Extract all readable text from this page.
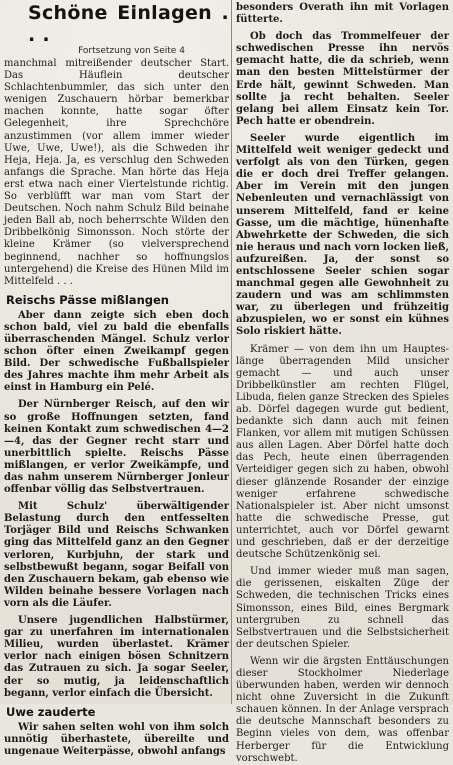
Schöne Einlagen . . .
Fortsetzung von Seite 4
manchmal mitreißender deutscher Start. Das Häuflein deutscher Schlachtenbummler, das sich unter den wenigen Zuschauern hörbar bemerkbar machen konnte, hatte sogar öfter Gelegenheit, ihre Sprechchöre anzustimmen (vor allem immer wieder Uwe, Uwe, Uwe!), als die Schweden ihr Heja, Heja. Ja, es verschlug den Schweden anfangs die Sprache. Man hörte das Heja erst etwa nach einer Viertelstunde richtig. So verblüfft war man vom Start der Deutschen. Noch nahm Schulz Bild beinahe jeden Ball ab, noch beherrschte Wilden den Dribbelkönig Simonsson. Noch störte der kleine Krämer (so vielversprechend beginnend, nachher so hoffnungslos untergehend) die Kreise des Hünen Mild im Mittelfeld . . .
Reischs Pässe mißlangen
Aber dann zeigte sich eben doch schon bald, viel zu bald die ebenfalls überraschenden Mängel. Schulz verlor schon öfter einen Zweikampf gegen Bild. Der schwedische Fußballspieler des Jahres machte ihm mehr Arbeit als einst in Hamburg ein Pelé.
Der Nürnberger Reisch, auf den wir so große Hoffnungen setzten, fand keinen Kontakt zum schwedischen 4—2—4, das der Gegner recht starr und unerbittlich spielte. Reischs Pässe mißlangen, er verlor Zweikämpfe, und das nahm unserem Nürnberger Jonleur offenbar völlig das Selbstvertrauen.
Mit Schulz' überwältigender Belastung durch den entfesselten Torjäger Bild und Reischs Schwanken ging das Mittelfeld ganz an den Gegner verloren, Kurbjuhn, der stark und selbstbewußt begann, sogar Beifall von den Zuschauern bekam, gab ebenso wie Wilden beinahe bessere Vorlagen nach vorn als die Läufer.
Unsere jugendlichen Halbstürmer, gar zu unerfahren im internationalen Milieu, wurden überlastet. Krämer verlor nach einigen bösen Schnitzern das Zutrauen zu sich. Ja sogar Seeler, der so mutig, ja leidenschaftlich begann, verlor einfach die Übersicht.
Uwe zauderte
Wir sahen selten wohl von ihm solch unnötig überhastete, übereilte und ungenaue Weiterpässe, obwohl anfangs
besonders Overath ihn mit Vorlagen fütterte.
Ob doch das Trommelfeuer der schwedischen Presse ihn nervös gemacht hatte, die da schrieb, wenn man den besten Mittelstürmer der Erde hält, gewinnt Schweden. Man sollte ja recht behalten. Seeler gelang bei allem Einsatz kein Tor. Pech hatte er obendrein.
Seeler wurde eigentlich im Mittelfeld weit weniger gedeckt und verfolgt als von den Türken, gegen die er doch drei Treffer gelangen. Aber im Verein mit den jungen Nebenleuten und vernachlässigt von unserem Mittelfeld, fand er keine Gasse, um die mächtige, hünenhafte Abwehrkette der Schweden, die sich nie heraus und nach vorn locken ließ, aufzureißen. Ja, der sonst so entschlossene Seeler schien sogar manchmal gegen alle Gewohnheit zu zaudern und was am schlimmsten war, zu überlegen und frühzeitig abzuspielen, wo er sonst ein kühnes Solo riskiert hätte.
Krämer — von dem ihn um Hauptes-länge überragenden Mild unsicher gemacht — und auch unser Dribbelkünstler am rechten Flügel, Libuda, fielen ganze Strecken des Spieles ab. Dörfel dagegen wurde gut bedient, bedankte sich dann auch mit feinen Flanken, vor allem mit mutigen Schüssen aus allen Lagen. Aber Dörfel hatte doch das Pech, heute einen überragenden Verteidiger gegen sich zu haben, obwohl dieser glänzende Rosander der einzige weniger erfahrene schwedische Nationalspieler ist. Aber nicht umsonst hatte die schwedische Presse, gut unterrichtet, auch vor Dörfel gewarnt und geschrieben, daß er der derzeitige deutsche Schützenkönig sei.
Und immer wieder muß man sagen, die gerissenen, eiskalten Züge der Schweden, die technischen Tricks eines Simonsson, eines Bild, eines Bergmark untergruben zu schnell das Selbstvertrauen und die Selbstsicherheit der deutschen Spieler.
Wenn wir die ärgsten Enttäuschungen dieser Stockholmer Niederlage überwunden haben, werden wir dennoch nicht ohne Zuversicht in die Zukunft schauen können. In der Anlage versprach die deutsche Mannschaft besonders zu Beginn vieles von dem, was offenbar Herberger für die Entwicklung vorschwebt.
